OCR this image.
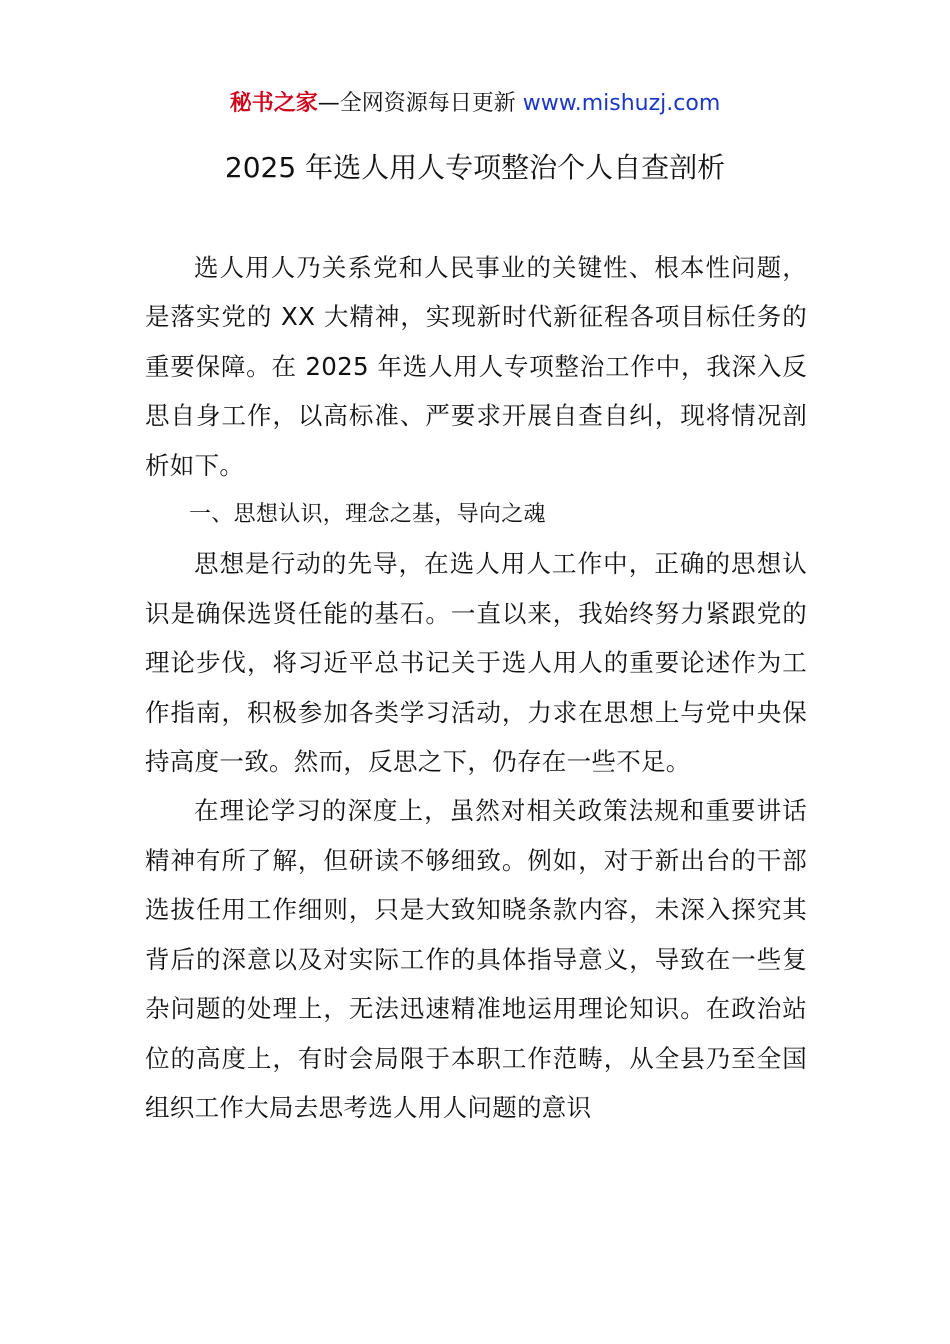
秘书之家—全网资源每日更新 www.mishuzj.com
2025 年选人用人专项整治个人自查剖析

选人用人乃关系党和人民事业的关键性、根本性问题，是落实党的 XX 大精神，实现新时代新征程各项目标任务的重要保障。在 2025 年选人用人专项整治工作中，我深入反思自身工作，以高标准、严要求开展自查自纠，现将情况剖析如下。

一、思想认识，理念之基，导向之魂

思想是行动的先导，在选人用人工作中，正确的思想认识是确保选贤任能的基石。一直以来，我始终努力紧跟党的理论步伐，将习近平总书记关于选人用人的重要论述作为工作指南，积极参加各类学习活动，力求在思想上与党中央保持高度一致。然而，反思之下，仍存在一些不足。

在理论学习的深度上，虽然对相关政策法规和重要讲话精神有所了解，但研读不够细致。例如，对于新出台的干部选拔任用工作细则，只是大致知晓条款内容，未深入探究其背后的深意以及对实际工作的具体指导意义，导致在一些复杂问题的处理上，无法迅速精准地运用理论知识。在政治站位的高度上，有时会局限于本职工作范畴，从全县乃至全国组织工作大局去思考选人用人问题的意识
